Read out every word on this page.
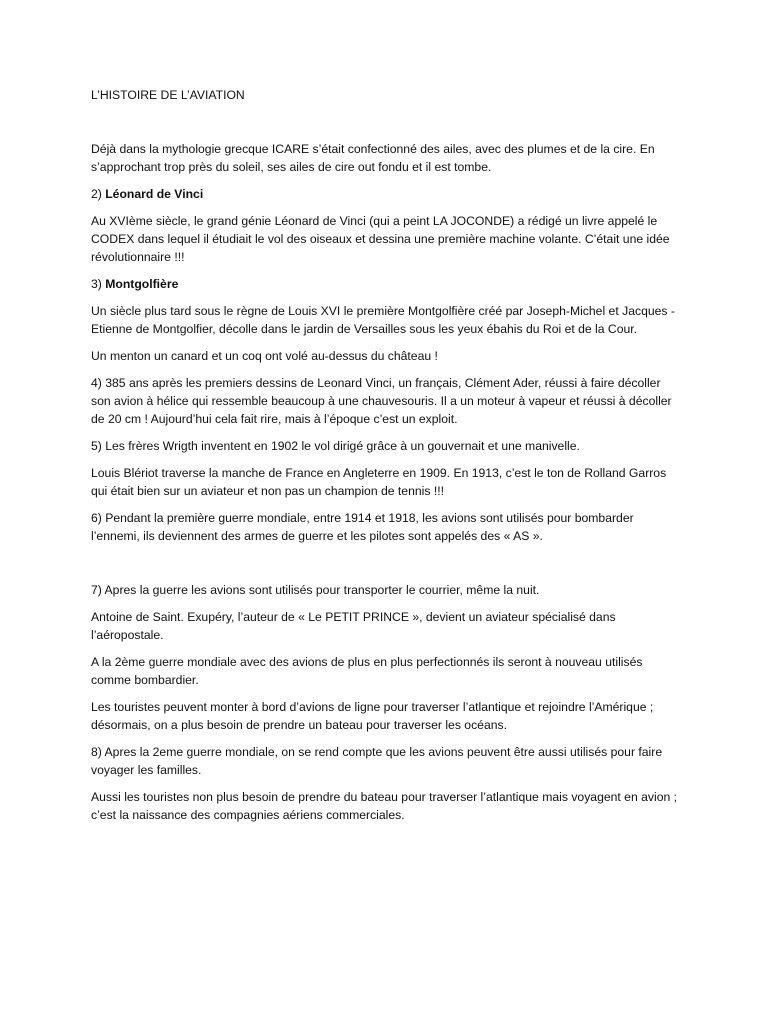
L’HISTOIRE DE L’AVIATION

Déjà dans la mythologie grecque ICARE s’était confectionné des ailes, avec des plumes et de la cire. En s’approchant trop près du soleil, ses ailes de cire out fondu et il est tombe.

2) Léonard de Vinci

Au XVIème siècle, le grand génie Léonard de Vinci (qui a peint LA JOCONDE) a rédigé un livre appelé le CODEX dans lequel il étudiait le vol des oiseaux et dessina une première machine volante. C’était une idée révolutionnaire !!!

3) Montgolfière

Un siècle plus tard sous le règne de Louis XVI le première Montgolfière créé par Joseph-Michel et Jacques -Etienne de Montgolfier, décolle dans le jardin de Versailles sous les yeux ébahis du Roi et de la Cour.

Un menton un canard et un coq ont volé au-dessus du château !

4) 385 ans après les premiers dessins de Leonard Vinci, un français, Clément Ader, réussi à faire décoller son avion à hélice qui ressemble beaucoup à une chauvesouris. Il a un moteur à vapeur et réussi à décoller de 20 cm ! Aujourd’hui cela fait rire, mais à l’époque c’est un exploit.

5) Les frères Wrigth inventent en 1902 le vol dirigé grâce à un gouvernait et une manivelle.

Louis Blériot traverse la manche de France en Angleterre en 1909. En 1913, c’est le ton de Rolland Garros qui était bien sur un aviateur et non pas un champion de tennis !!!

6) Pendant la première guerre mondiale, entre 1914 et 1918, les avions sont utilisés pour bombarder l’ennemi, ils deviennent des armes de guerre et les pilotes sont appelés des « AS ».

7) Apres la guerre les avions sont utilisés pour transporter le courrier, même la nuit.

Antoine de Saint. Exupéry, l’auteur de « Le PETIT PRINCE », devient un aviateur spécialisé dans l’aéropostale.

A la 2ème guerre mondiale avec des avions de plus en plus perfectionnés ils seront à nouveau utilisés comme bombardier.

Les touristes peuvent monter à bord d’avions de ligne pour traverser l’atlantique et rejoindre l’Amérique ; désormais, on a plus besoin de prendre un bateau pour traverser les océans.

8) Apres la 2eme guerre mondiale, on se rend compte que les avions peuvent être aussi utilisés pour faire voyager les familles.

Aussi les touristes non plus besoin de prendre du bateau pour traverser l’atlantique mais voyagent en avion ; c’est la naissance des compagnies aériens commerciales.
